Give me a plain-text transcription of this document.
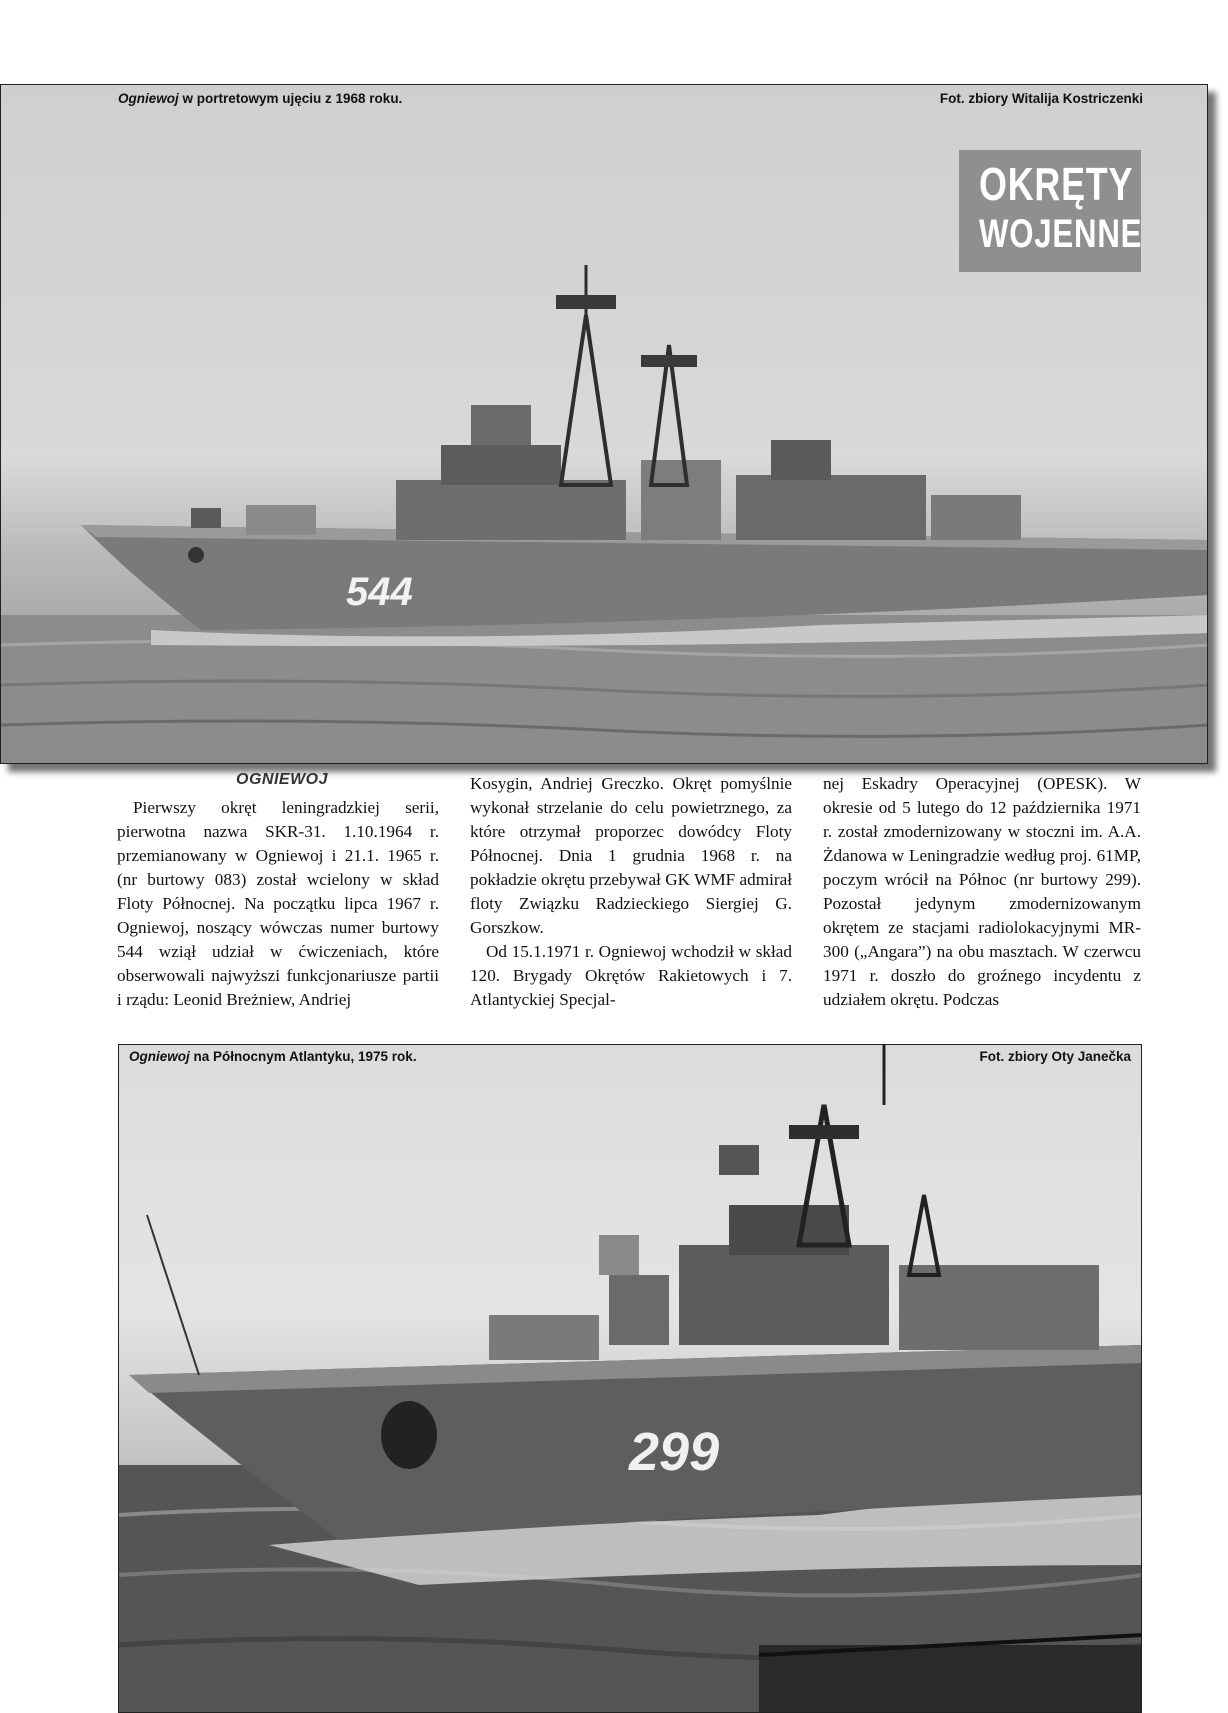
544
Ogniewoj w portretowym ujęciu z 1968 roku.	Fot. zbiory Witalija Kostriczenki
OKRĘTY
WOJENNE
OGNIEWOJ

Pierwszy okręt leningradzkiej serii, pierwotna nazwa SKR-31. 1.10.1964 r. przemianowany w Ogniewoj i 21.1. 1965 r. (nr burtowy 083) został wcielony w skład Floty Północnej. Na początku lipca 1967 r. Ogniewoj, noszący wówczas numer burtowy 544 wziął udział w ćwiczeniach, które obserwowali najwyższi funkcjonariusze partii i rządu: Leonid Breżniew, Andriej

Kosygin, Andriej Greczko. Okręt pomyślnie wykonał strzelanie do celu powietrznego, za które otrzymał proporzec dowódcy Floty Północnej. Dnia 1 grudnia 1968 r. na pokładzie okrętu przebywał GK WMF admirał floty Związku Radzieckiego Siergiej G. Gorszkow.

Od 15.1.1971 r. Ogniewoj wchodził w skład 120. Brygady Okrętów Rakietowych i 7. Atlantyckiej Specjal-

nej Eskadry Operacyjnej (OPESK). W okresie od 5 lutego do 12 października 1971 r. został zmodernizowany w stoczni im. A.A. Żdanowa w Leningradzie według proj. 61MP, poczym wrócił na Północ (nr burtowy 299). Pozostał jedynym zmodernizowanym okrętem ze stacjami radiolokacyjnymi MR-300 („Angara”) na obu masztach. W czerwcu 1971 r. doszło do groźnego incydentu z udziałem okrętu. Podczas

299
Ogniewoj na Północnym Atlantyku, 1975 rok.	Fot. zbiory Oty Janečka
